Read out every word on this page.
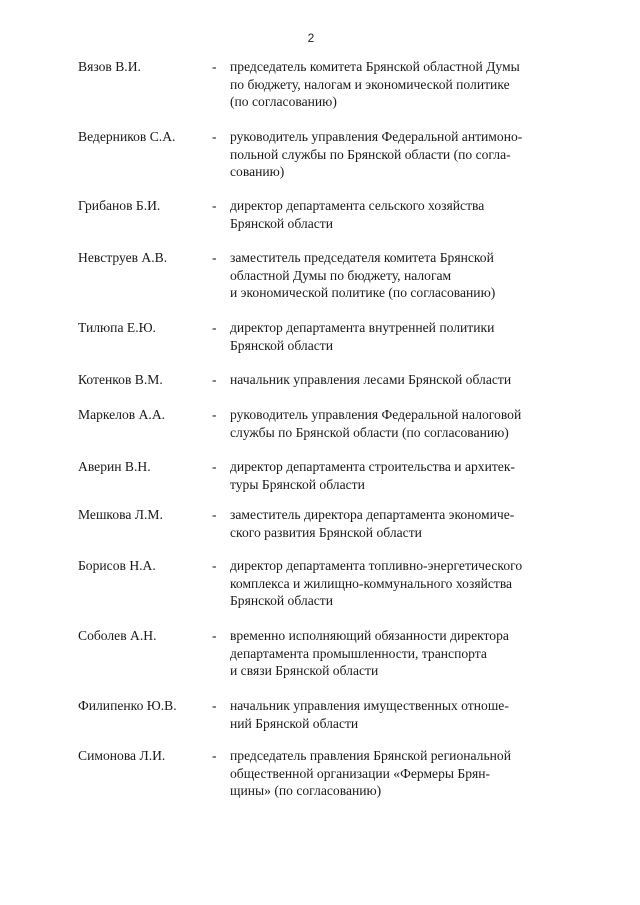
2
Вязов В.И.	- председатель комитета Брянской областной Думы
по бюджету, налогам и экономической политике
(по согласованию)
Ведерников С.А.	- руководитель управления Федеральной антимоно-
польной службы по Брянской области (по согла-
сованию)
Грибанов Б.И.	- директор департамента сельского хозяйства
Брянской области
Невструев А.В.	- заместитель председателя комитета Брянской
областной Думы по бюджету, налогам
и экономической политике (по согласованию)
Тилюпа Е.Ю.	- директор департамента внутренней политики
Брянской области
Котенков В.М.	- начальник управления лесами Брянской области
Маркелов А.А.	- руководитель управления Федеральной налоговой
службы по Брянской области (по согласованию)
Аверин В.Н.	- директор департамента строительства и архитек-
туры Брянской области
Мешкова Л.М.	- заместитель директора департамента экономиче-
ского развития Брянской области
Борисов Н.А.	- директор департамента топливно-энергетического
комплекса и жилищно-коммунального хозяйства
Брянской области
Соболев А.Н.	- временно исполняющий обязанности директора
департамента промышленности, транспорта
и связи Брянской области
Филипенко Ю.В.	- начальник управления имущественных отноше-
ний Брянской области
Симонова Л.И.	- председатель правления Брянской региональной
общественной организации «Фермеры Брян-
щины» (по согласованию)
